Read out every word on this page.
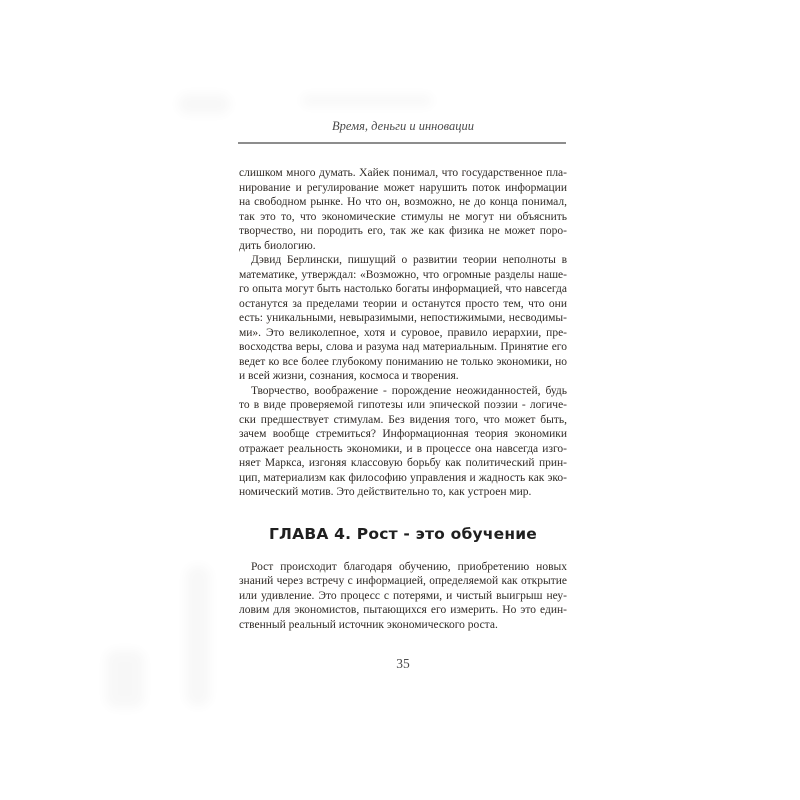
Время, деньги и инновации
слишком много думать. Хайек понимал, что государственное пла-
нирование и регулирование может нарушить поток информации
на свободном рынке. Но что он, возможно, не до конца понимал,
так это то, что экономические стимулы не могут ни объяснить
творчество, ни породить его, так же как физика не может поро-
дить биологию.
Дэвид Берлински, пишущий о развитии теории неполноты в
математике, утверждал: «Возможно, что огромные разделы наше-
го опыта могут быть настолько богаты информацией, что навсегда
останутся за пределами теории и останутся просто тем, что они
есть: уникальными, невыразимыми, непостижимыми, несводимы-
ми». Это великолепное, хотя и суровое, правило иерархии, пре-
восходства веры, слова и разума над материальным. Принятие его
ведет ко все более глубокому пониманию не только экономики, но
и всей жизни, сознания, космоса и творения.
Творчество, воображение - порождение неожиданностей, будь
то в виде проверяемой гипотезы или эпической поэзии - логиче-
ски предшествует стимулам. Без видения того, что может быть,
зачем вообще стремиться? Информационная теория экономики
отражает реальность экономики, и в процессе она навсегда изго-
няет Маркса, изгоняя классовую борьбу как политический прин-
цип, материализм как философию управления и жадность как эко-
номический мотив. Это действительно то, как устроен мир.
ГЛАВА 4. Рост - это обучение
Рост происходит благодаря обучению, приобретению новых
знаний через встречу с информацией, определяемой как открытие
или удивление. Это процесс с потерями, и чистый выигрыш неу-
ловим для экономистов, пытающихся его измерить. Но это един-
ственный реальный источник экономического роста.
35
